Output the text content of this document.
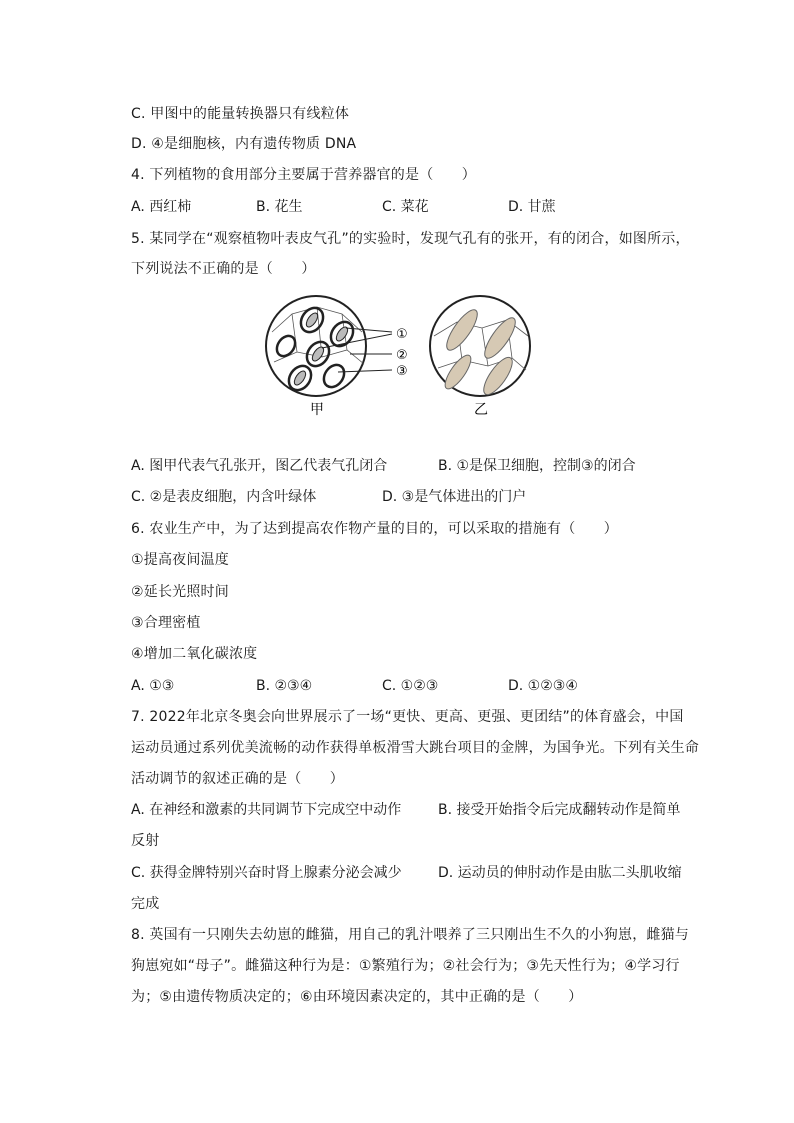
C. 甲图中的能量转换器只有线粒体
D. ④是细胞核，内有遗传物质 DNA
4. 下列植物的食用部分主要属于营养器官的是（　　）
A. 西红柿	B. 花生	C. 菜花	D. 甘蔗
5. 某同学在“观察植物叶表皮气孔”的实验时，发现气孔有的张开，有的闭合，如图所示，
下列说法不正确的是（　　）
①
②
③
甲	乙
A. 图甲代表气孔张开，图乙代表气孔闭合	B. ①是保卫细胞，控制③的闭合
C. ②是表皮细胞，内含叶绿体	D. ③是气体进出的门户
6. 农业生产中，为了达到提高农作物产量的目的，可以采取的措施有（　　）
①提高夜间温度
②延长光照时间
③合理密植
④增加二氧化碳浓度
A. ①③	B. ②③④	C. ①②③	D. ①②③④
7. 2022年北京冬奥会向世界展示了一场“更快、更高、更强、更团结”的体育盛会，中国
运动员通过系列优美流畅的动作获得单板滑雪大跳台项目的金牌，为国争光。下列有关生命
活动调节的叙述正确的是（　　）
A. 在神经和激素的共同调节下完成空中动作	B. 接受开始指令后完成翻转动作是简单
反射
C. 获得金牌特别兴奋时肾上腺素分泌会减少	D. 运动员的伸肘动作是由肱二头肌收缩
完成
8. 英国有一只刚失去幼崽的雌猫，用自己的乳汁喂养了三只刚出生不久的小狗崽，雌猫与
狗崽宛如“母子”。雌猫这种行为是：①繁殖行为；②社会行为；③先天性行为；④学习行
为；⑤由遗传物质决定的；⑥由环境因素决定的，其中正确的是（　　）
